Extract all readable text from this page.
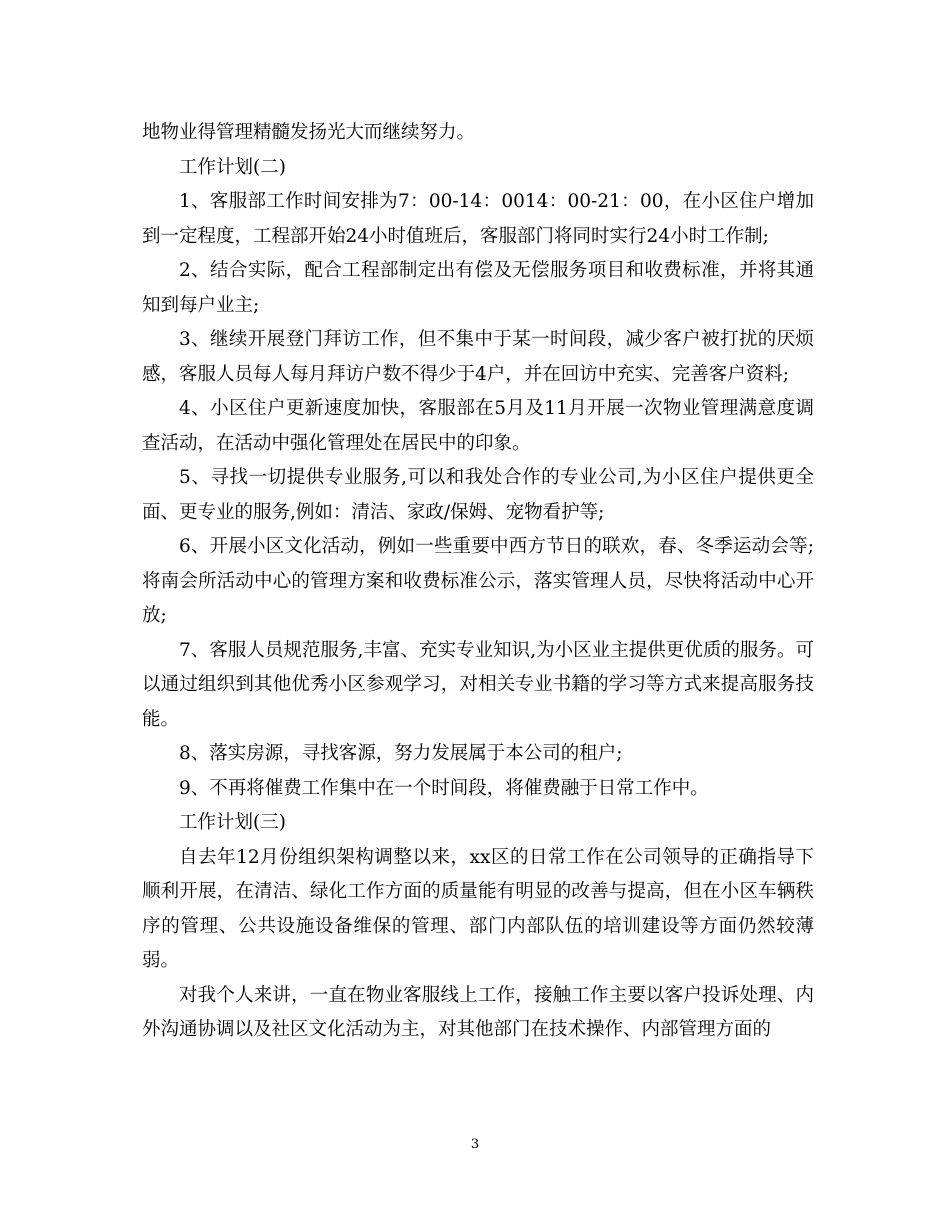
地物业得管理精髓发扬光大而继续努力。

工作计划(二)

1、客服部工作时间安排为7：00-14：0014：00-21：00，在小区住户增加到一定程度，工程部开始24小时值班后，客服部门将同时实行24小时工作制;

2、结合实际，配合工程部制定出有偿及无偿服务项目和收费标准，并将其通知到每户业主;

3、继续开展登门拜访工作，但不集中于某一时间段，减少客户被打扰的厌烦感，客服人员每人每月拜访户数不得少于4户，并在回访中充实、完善客户资料;

4、小区住户更新速度加快，客服部在5月及11月开展一次物业管理满意度调查活动，在活动中强化管理处在居民中的印象。

5、寻找一切提供专业服务,可以和我处合作的专业公司,为小区住户提供更全面、更专业的服务,例如：清洁、家政/保姆、宠物看护等;

6、开展小区文化活动，例如一些重要中西方节日的联欢，春、冬季运动会等;将南会所活动中心的管理方案和收费标准公示，落实管理人员，尽快将活动中心开放;

7、客服人员规范服务,丰富、充实专业知识,为小区业主提供更优质的服务。可以通过组织到其他优秀小区参观学习，对相关专业书籍的学习等方式来提高服务技能。

8、落实房源，寻找客源，努力发展属于本公司的租户;

9、不再将催费工作集中在一个时间段，将催费融于日常工作中。

工作计划(三)

自去年12月份组织架构调整以来，xx区的日常工作在公司领导的正确指导下顺利开展，在清洁、绿化工作方面的质量能有明显的改善与提高，但在小区车辆秩序的管理、公共设施设备维保的管理、部门内部队伍的培训建设等方面仍然较薄弱。

对我个人来讲，一直在物业客服线上工作，接触工作主要以客户投诉处理、内外沟通协调以及社区文化活动为主，对其他部门在技术操作、内部管理方面的

3
